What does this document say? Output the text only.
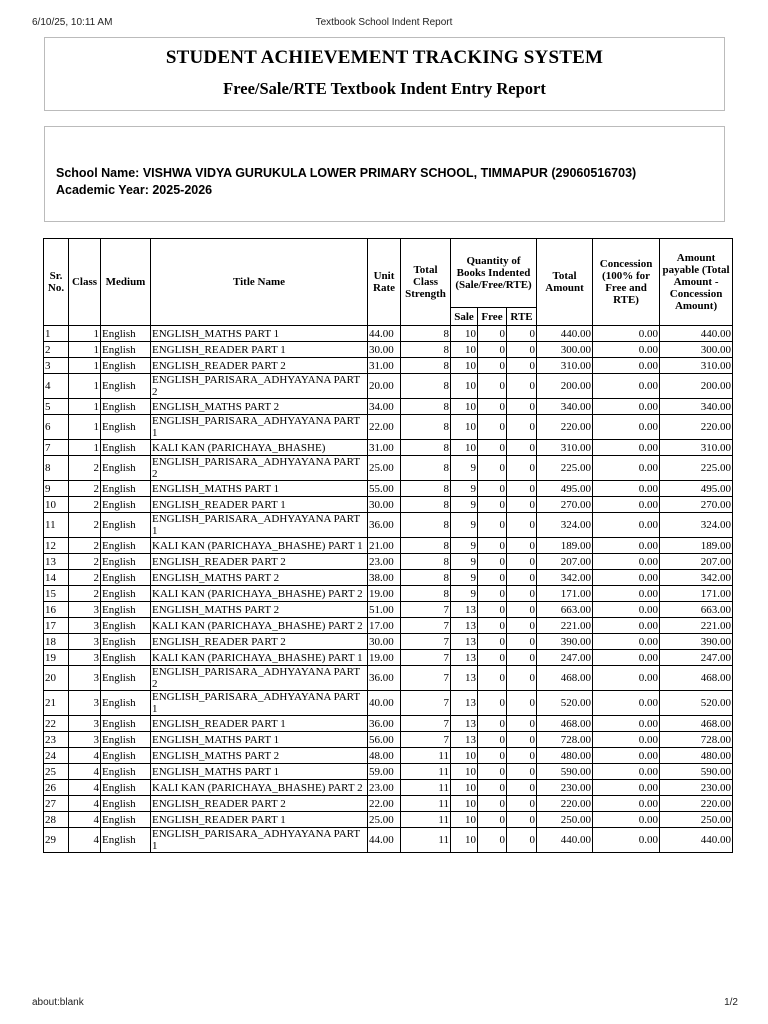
6/10/25, 10:11 AM	Textbook School Indent Report
STUDENT ACHIEVEMENT TRACKING SYSTEM
Free/Sale/RTE Textbook Indent Entry Report
School Name: VISHWA VIDYA GURUKULA LOWER PRIMARY SCHOOL, TIMMAPUR (29060516703)
Academic Year: 2025-2026
Sr. No.	Class	Medium	Title Name	Unit Rate	Total Class Strength	Quantity of Books Indented (Sale/Free/RTE)			Total Amount	Concession (100% for Free and RTE)	Amount payable (Total Amount - Concession Amount)
						Sale	Free	RTE			
1	1	English	ENGLISH_MATHS PART 1	44.00	8	10	0	0	440.00	0.00	440.00
2	1	English	ENGLISH_READER PART 1	30.00	8	10	0	0	300.00	0.00	300.00
3	1	English	ENGLISH_READER PART 2	31.00	8	10	0	0	310.00	0.00	310.00
4	1	English	ENGLISH_PARISARA_ADHYAYANA PART 2	20.00	8	10	0	0	200.00	0.00	200.00
5	1	English	ENGLISH_MATHS PART 2	34.00	8	10	0	0	340.00	0.00	340.00
6	1	English	ENGLISH_PARISARA_ADHYAYANA PART 1	22.00	8	10	0	0	220.00	0.00	220.00
7	1	English	KALI KAN (PARICHAYA_BHASHE)	31.00	8	10	0	0	310.00	0.00	310.00
8	2	English	ENGLISH_PARISARA_ADHYAYANA PART 2	25.00	8	9	0	0	225.00	0.00	225.00
9	2	English	ENGLISH_MATHS PART 1	55.00	8	9	0	0	495.00	0.00	495.00
10	2	English	ENGLISH_READER PART 1	30.00	8	9	0	0	270.00	0.00	270.00
11	2	English	ENGLISH_PARISARA_ADHYAYANA PART 1	36.00	8	9	0	0	324.00	0.00	324.00
12	2	English	KALI KAN (PARICHAYA_BHASHE) PART 1	21.00	8	9	0	0	189.00	0.00	189.00
13	2	English	ENGLISH_READER PART 2	23.00	8	9	0	0	207.00	0.00	207.00
14	2	English	ENGLISH_MATHS PART 2	38.00	8	9	0	0	342.00	0.00	342.00
15	2	English	KALI KAN (PARICHAYA_BHASHE) PART 2	19.00	8	9	0	0	171.00	0.00	171.00
16	3	English	ENGLISH_MATHS PART 2	51.00	7	13	0	0	663.00	0.00	663.00
17	3	English	KALI KAN (PARICHAYA_BHASHE) PART 2	17.00	7	13	0	0	221.00	0.00	221.00
18	3	English	ENGLISH_READER PART 2	30.00	7	13	0	0	390.00	0.00	390.00
19	3	English	KALI KAN (PARICHAYA_BHASHE) PART 1	19.00	7	13	0	0	247.00	0.00	247.00
20	3	English	ENGLISH_PARISARA_ADHYAYANA PART 2	36.00	7	13	0	0	468.00	0.00	468.00
21	3	English	ENGLISH_PARISARA_ADHYAYANA PART 1	40.00	7	13	0	0	520.00	0.00	520.00
22	3	English	ENGLISH_READER PART 1	36.00	7	13	0	0	468.00	0.00	468.00
23	3	English	ENGLISH_MATHS PART 1	56.00	7	13	0	0	728.00	0.00	728.00
24	4	English	ENGLISH_MATHS PART 2	48.00	11	10	0	0	480.00	0.00	480.00
25	4	English	ENGLISH_MATHS PART 1	59.00	11	10	0	0	590.00	0.00	590.00
26	4	English	KALI KAN (PARICHAYA_BHASHE) PART 2	23.00	11	10	0	0	230.00	0.00	230.00
27	4	English	ENGLISH_READER PART 2	22.00	11	10	0	0	220.00	0.00	220.00
28	4	English	ENGLISH_READER PART 1	25.00	11	10	0	0	250.00	0.00	250.00
29	4	English	ENGLISH_PARISARA_ADHYAYANA PART 1	44.00	11	10	0	0	440.00	0.00	440.00
about:blank	1/2
